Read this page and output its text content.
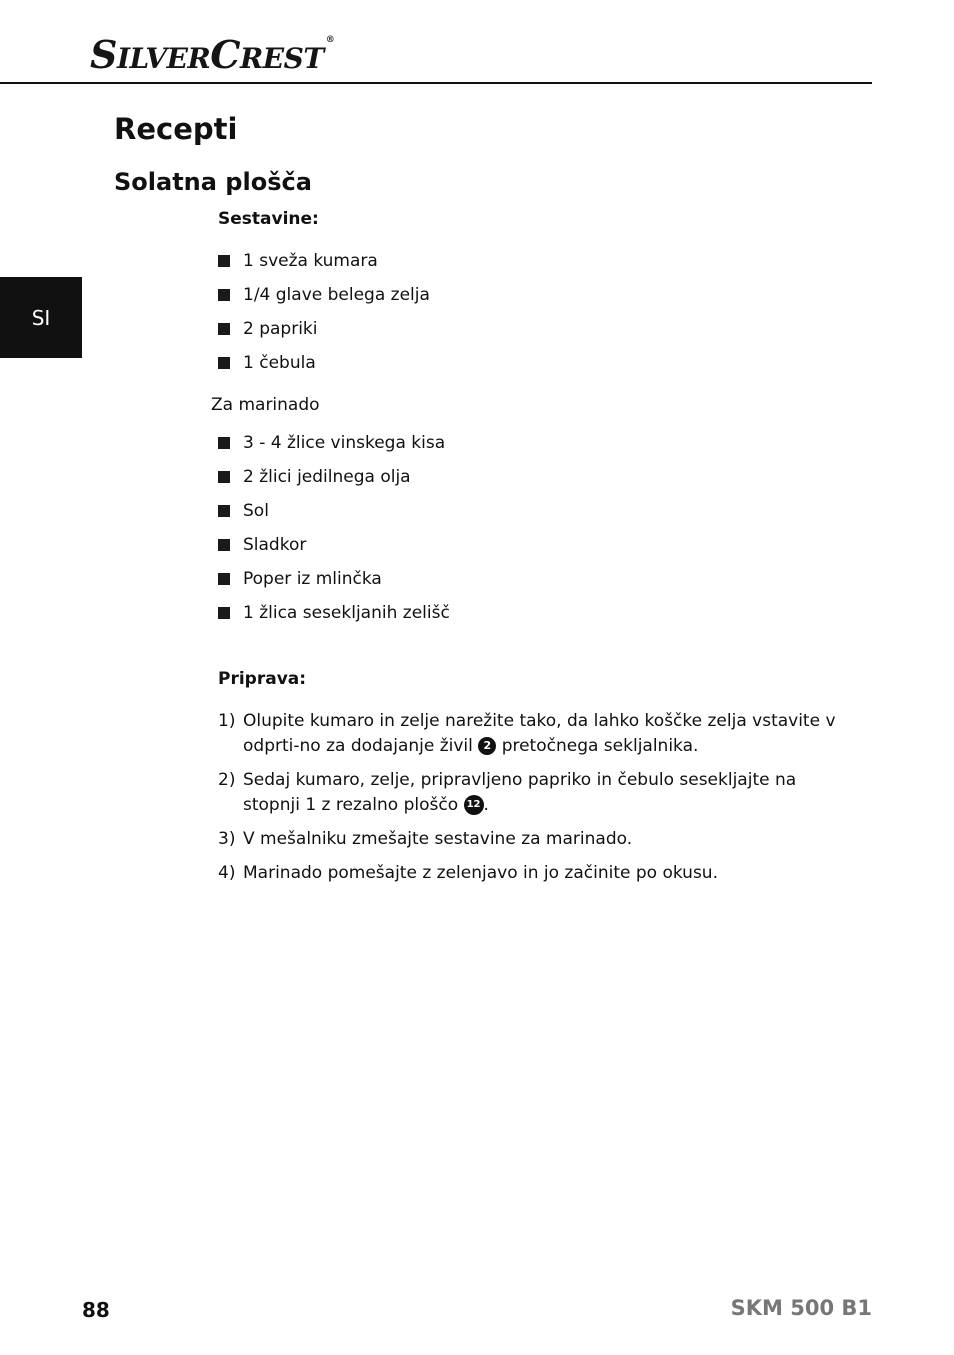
SILVERCREST®
SI
Recepti
Solatna plošča
Sestavine:
1 sveža kumara
1/4 glave belega zelja
2 papriki
1 čebula
Za marinado
3 - 4 žlice vinskega kisa
2 žlici jedilnega olja
Sol
Sladkor
Poper iz mlinčka
1 žlica sesekljanih zelišč
Priprava:
1) Olupite kumaro in zelje narežite tako, da lahko koščke zelja vstavite v odprti-no za dodajanje živil 2 pretočnega sekljalnika.
2) Sedaj kumaro, zelje, pripravljeno papriko in čebulo sesekljajte na stopnji 1 z rezalno ploščo 12 .
3) V mešalniku zmešajte sestavine za marinado.
4) Marinado pomešajte z zelenjavo in jo začinite po okusu.
88	SKM 500 B1
